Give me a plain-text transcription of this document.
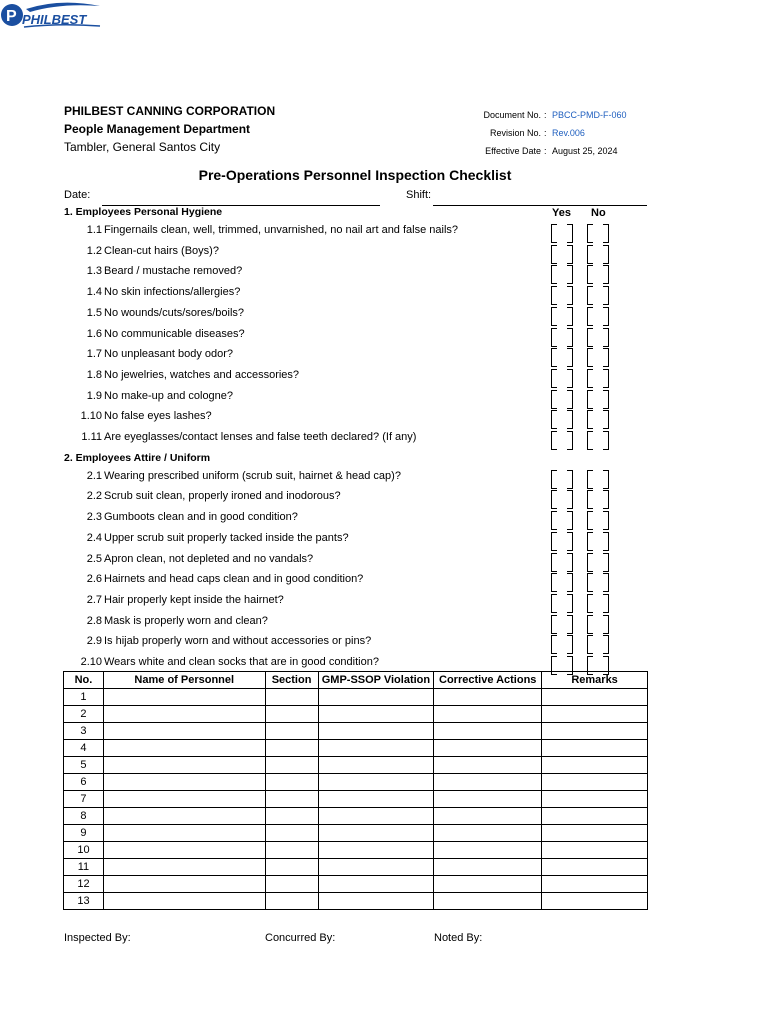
P PHILBEST
PHILBEST CANNING CORPORATION
People Management Department
Tambler, General Santos City
Document No. : PBCC-PMD-F-060
Revision No. : Rev.006
Effective Date : August 25, 2024
Pre-Operations Personnel Inspection Checklist
Date:	Shift:
Yes No
1. Employees Personal Hygiene
1.1 Fingernails clean, well, trimmed, unvarnished, no nail art and false nails?
1.2 Clean-cut hairs (Boys)?
1.3 Beard / mustache removed?
1.4 No skin infections/allergies?
1.5 No wounds/cuts/sores/boils?
1.6 No communicable diseases?
1.7 No unpleasant body odor?
1.8 No jewelries, watches and accessories?
1.9 No make-up and cologne?
1.10 No false eyes lashes?
1.11 Are eyeglasses/contact lenses and false teeth declared? (If any)
2. Employees Attire / Uniform
2.1 Wearing prescribed uniform (scrub suit, hairnet & head cap)?
2.2 Scrub suit clean, properly ironed and inodorous?
2.3 Gumboots clean and in good condition?
2.4 Upper scrub suit properly tacked inside the pants?
2.5 Apron clean, not depleted and no vandals?
2.6 Hairnets and head caps clean and in good condition?
2.7 Hair properly kept inside the hairnet?
2.8 Mask is properly worn and clean?
2.9 Is hijab properly worn and without accessories or pins?
2.10 Wears white and clean socks that are in good condition?
No.	Name of Personnel	Section	GMP-SSOP Violation	Corrective Actions	Remarks
1					
2					
3					
4					
5					
6					
7					
8					
9					
10					
11					
12					
13					
Inspected By:	Concurred By:	Noted By:
